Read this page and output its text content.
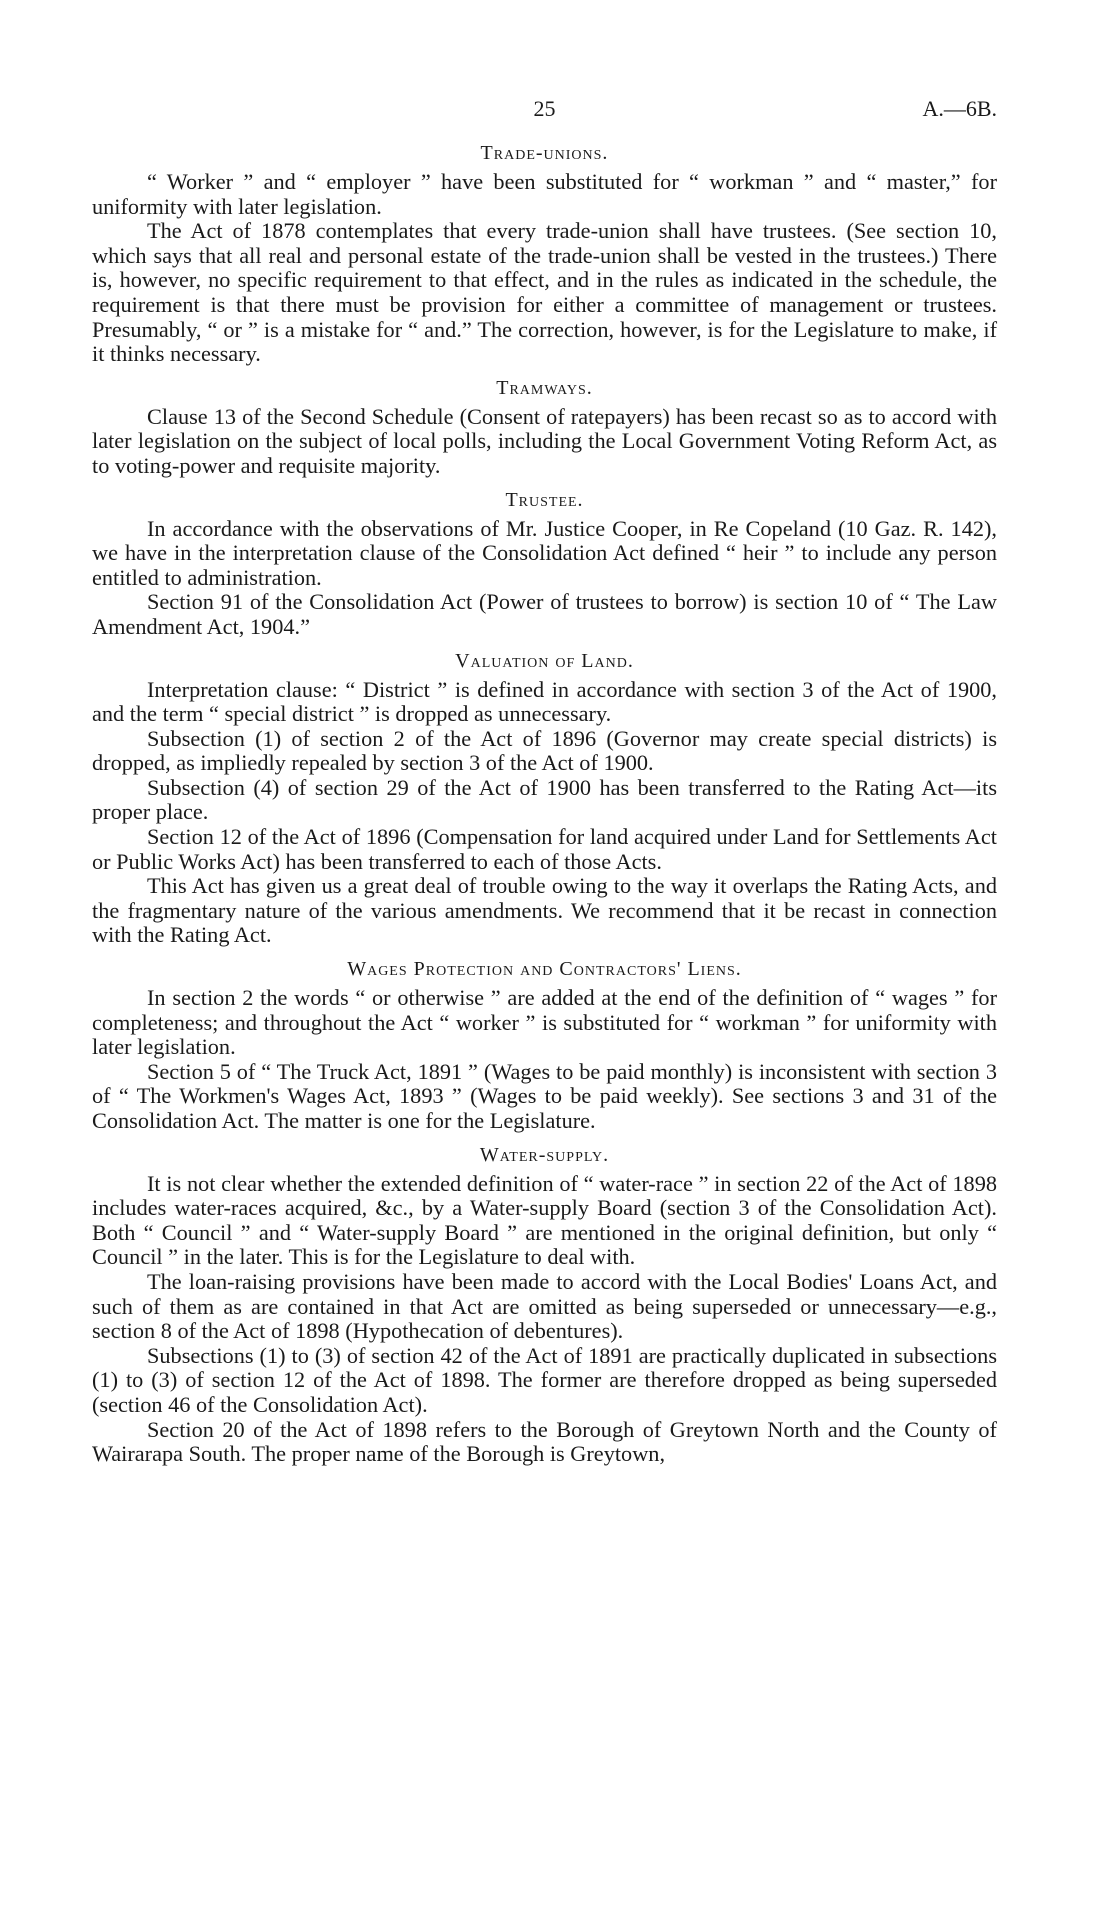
25	A.—6B.
Trade-unions.

“ Worker ” and “ employer ” have been substituted for “ workman ” and “ master,” for uniformity with later legislation.

The Act of 1878 contemplates that every trade-union shall have trustees. (See section 10, which says that all real and personal estate of the trade-union shall be vested in the trustees.) There is, however, no specific requirement to that effect, and in the rules as indicated in the schedule, the requirement is that there must be provision for either a committee of management or trustees. Presumably, “ or ” is a mistake for “ and.” The correction, however, is for the Legislature to make, if it thinks necessary.

Tramways.

Clause 13 of the Second Schedule (Consent of ratepayers) has been recast so as to accord with later legislation on the subject of local polls, including the Local Government Voting Reform Act, as to voting-power and requisite majority.

Trustee.

In accordance with the observations of Mr. Justice Cooper, in Re Copeland (10 Gaz. R. 142), we have in the interpretation clause of the Consolidation Act defined “ heir ” to include any person entitled to administration.

Section 91 of the Consolidation Act (Power of trustees to borrow) is section 10 of “ The Law Amendment Act, 1904.”

Valuation of Land.

Interpretation clause: “ District ” is defined in accordance with section 3 of the Act of 1900, and the term “ special district ” is dropped as unnecessary.

Subsection (1) of section 2 of the Act of 1896 (Governor may create special districts) is dropped, as impliedly repealed by section 3 of the Act of 1900.

Subsection (4) of section 29 of the Act of 1900 has been transferred to the Rating Act—its proper place.

Section 12 of the Act of 1896 (Compensation for land acquired under Land for Settlements Act or Public Works Act) has been transferred to each of those Acts.

This Act has given us a great deal of trouble owing to the way it overlaps the Rating Acts, and the fragmentary nature of the various amendments. We recommend that it be recast in connection with the Rating Act.

Wages Protection and Contractors' Liens.

In section 2 the words “ or otherwise ” are added at the end of the definition of “ wages ” for completeness; and throughout the Act “ worker ” is substituted for “ workman ” for uniformity with later legislation.

Section 5 of “ The Truck Act, 1891 ” (Wages to be paid monthly) is inconsistent with section 3 of “ The Workmen's Wages Act, 1893 ” (Wages to be paid weekly). See sections 3 and 31 of the Consolidation Act. The matter is one for the Legislature.

Water-supply.

It is not clear whether the extended definition of “ water-race ” in section 22 of the Act of 1898 includes water-races acquired, &c., by a Water-supply Board (section 3 of the Consolidation Act). Both “ Council ” and “ Water-supply Board ” are mentioned in the original definition, but only “ Council ” in the later. This is for the Legislature to deal with.

The loan-raising provisions have been made to accord with the Local Bodies' Loans Act, and such of them as are contained in that Act are omitted as being superseded or unnecessary—e.g., section 8 of the Act of 1898 (Hypothecation of debentures).

Subsections (1) to (3) of section 42 of the Act of 1891 are practically duplicated in subsections (1) to (3) of section 12 of the Act of 1898. The former are therefore dropped as being superseded (section 46 of the Consolidation Act).

Section 20 of the Act of 1898 refers to the Borough of Greytown North and the County of Wairarapa South. The proper name of the Borough is Greytown,
